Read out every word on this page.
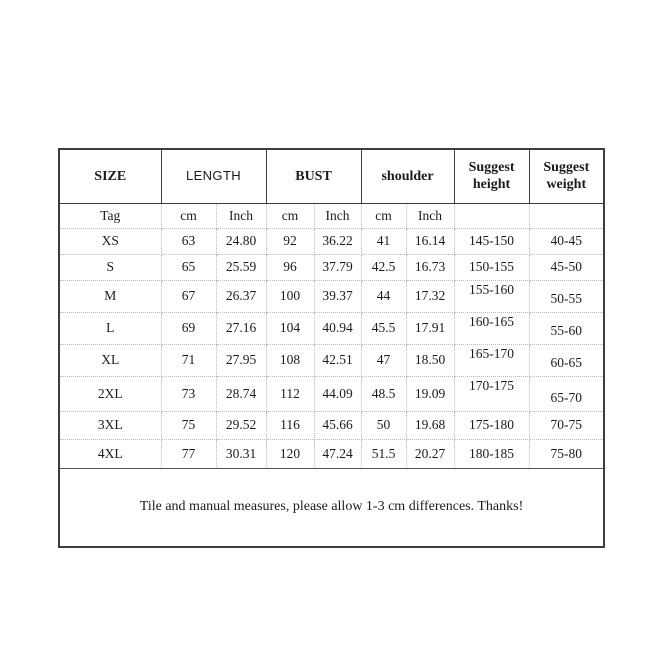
SIZE	LENGTH		BUST		shoulder		Suggest height	Suggest weight
Tag	cm	Inch	cm	Inch	cm	Inch		
XS	63	24.80	92	36.22	41	16.14	145-150	40-45
S	65	25.59	96	37.79	42.5	16.73	150-155	45-50
M	67	26.37	100	39.37	44	17.32	155-160	50-55
L	69	27.16	104	40.94	45.5	17.91	160-165	55-60
XL	71	27.95	108	42.51	47	18.50	165-170	60-65
2XL	73	28.74	112	44.09	48.5	19.09	170-175	65-70
3XL	75	29.52	116	45.66	50	19.68	175-180	70-75
4XL	77	30.31	120	47.24	51.5	20.27	180-185	75-80
Tile and manual measures, please allow 1-3 cm differences. Thanks!								
